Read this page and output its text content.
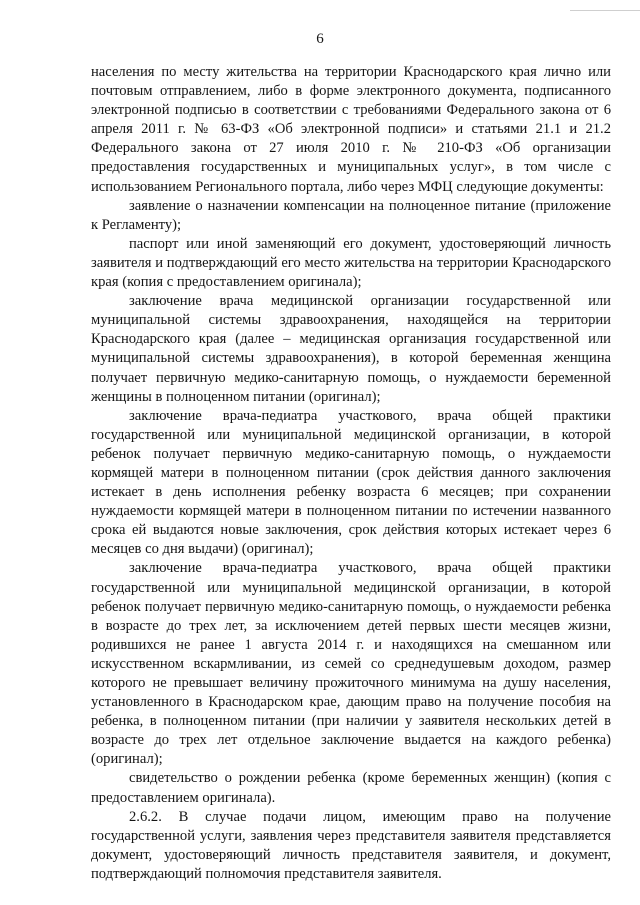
6

населения по месту жительства на территории Краснодарского края лично или почтовым отправлением, либо в форме электронного документа, подписанного электронной подписью в соответствии с требованиями Федерального закона от 6 апреля 2011 г. № 63-ФЗ «Об электронной подписи» и статьями 21.1 и 21.2 Федерального закона от 27 июля 2010 г. № 210-ФЗ «Об организации предоставления государственных и муниципальных услуг», в том числе с использованием Регионального портала, либо через МФЦ следующие документы:

заявление о назначении компенсации на полноценное питание (приложение к Регламенту);

паспорт или иной заменяющий его документ, удостоверяющий личность заявителя и подтверждающий его место жительства на территории Краснодарского края (копия с предоставлением оригинала);

заключение врача медицинской организации государственной или муниципальной системы здравоохранения, находящейся на территории Краснодарского края (далее – медицинская организация государственной или муниципальной системы здравоохранения), в которой беременная женщина получает первичную медико-санитарную помощь, о нуждаемости беременной женщины в полноценном питании (оригинал);

заключение врача-педиатра участкового, врача общей практики государственной или муниципальной медицинской организации, в которой ребенок получает первичную медико-санитарную помощь, о нуждаемости кормящей матери в полноценном питании (срок действия данного заключения истекает в день исполнения ребенку возраста 6 месяцев; при сохранении нуждаемости кормящей матери в полноценном питании по истечении названного срока ей выдаются новые заключения, срок действия которых истекает через 6 месяцев со дня выдачи) (оригинал);

заключение врача-педиатра участкового, врача общей практики государственной или муниципальной медицинской организации, в которой ребенок получает первичную медико-санитарную помощь, о нуждаемости ребенка в возрасте до трех лет, за исключением детей первых шести месяцев жизни, родившихся не ранее 1 августа 2014 г. и находящихся на смешанном или искусственном вскармливании, из семей со среднедушевым доходом, размер которого не превышает величину прожиточного минимума на душу населения, установленного в Краснодарском крае, дающим право на получение пособия на ребенка, в полноценном питании (при наличии у заявителя нескольких детей в возрасте до трех лет отдельное заключение выдается на каждого ребенка) (оригинал);

свидетельство о рождении ребенка (кроме беременных женщин) (копия с предоставлением оригинала).

2.6.2. В случае подачи лицом, имеющим право на получение государственной услуги, заявления через представителя заявителя представляется документ, удостоверяющий личность представителя заявителя, и документ, подтверждающий полномочия представителя заявителя.
